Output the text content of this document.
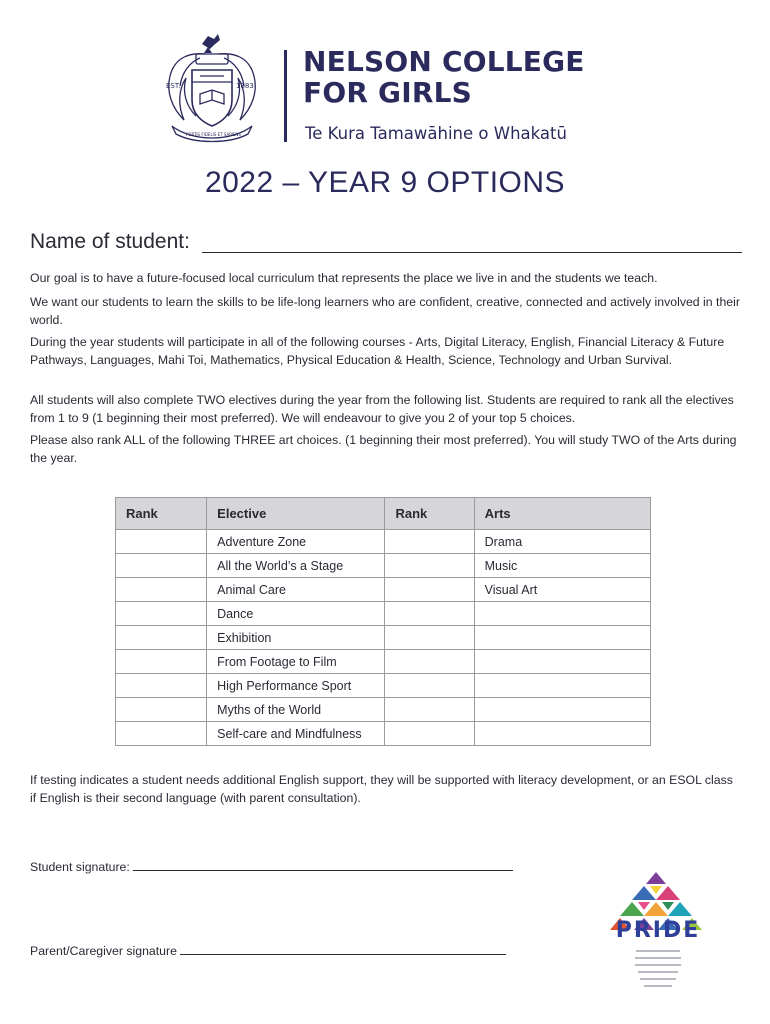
EST.	1883
FORTIS FIDELIS ET SAPIENS
NELSON COLLEGE
FOR GIRLS
Te Kura Tamawāhine o Whakatū
2022 – YEAR 9 OPTIONS
Name of student:

Our goal is to have a future-focused local curriculum that represents the place we live in and the students we teach.

We want our students to learn the skills to be life-long learners who are confident, creative, connected and actively involved in their world.

During the year students will participate in all of the following courses - Arts, Digital Literacy, English, Financial Literacy & Future Pathways, Languages, Mahi Toi, Mathematics, Physical Education & Health, Science, Technology and Urban Survival.

All students will also complete TWO electives during the year from the following list. Students are required to rank all the electives from 1 to 9 (1 beginning their most preferred). We will endeavour to give you 2 of your top 5 choices.

Please also rank ALL of the following THREE art choices. (1 beginning their most preferred). You will study TWO of the Arts during the year.

Rank	Elective	Rank	Arts
	Adventure Zone		Drama
	All the World’s a Stage		Music
	Animal Care		Visual Art
	Dance		
	Exhibition		
	From Footage to Film		
	High Performance Sport		
	Myths of the World		
	Self-care and Mindfulness		

If testing indicates a student needs additional English support, they will be supported with literacy development, or an ESOL class if English is their second language (with parent consultation).

Student signature:
Parent/Caregiver signature
PRIDE
